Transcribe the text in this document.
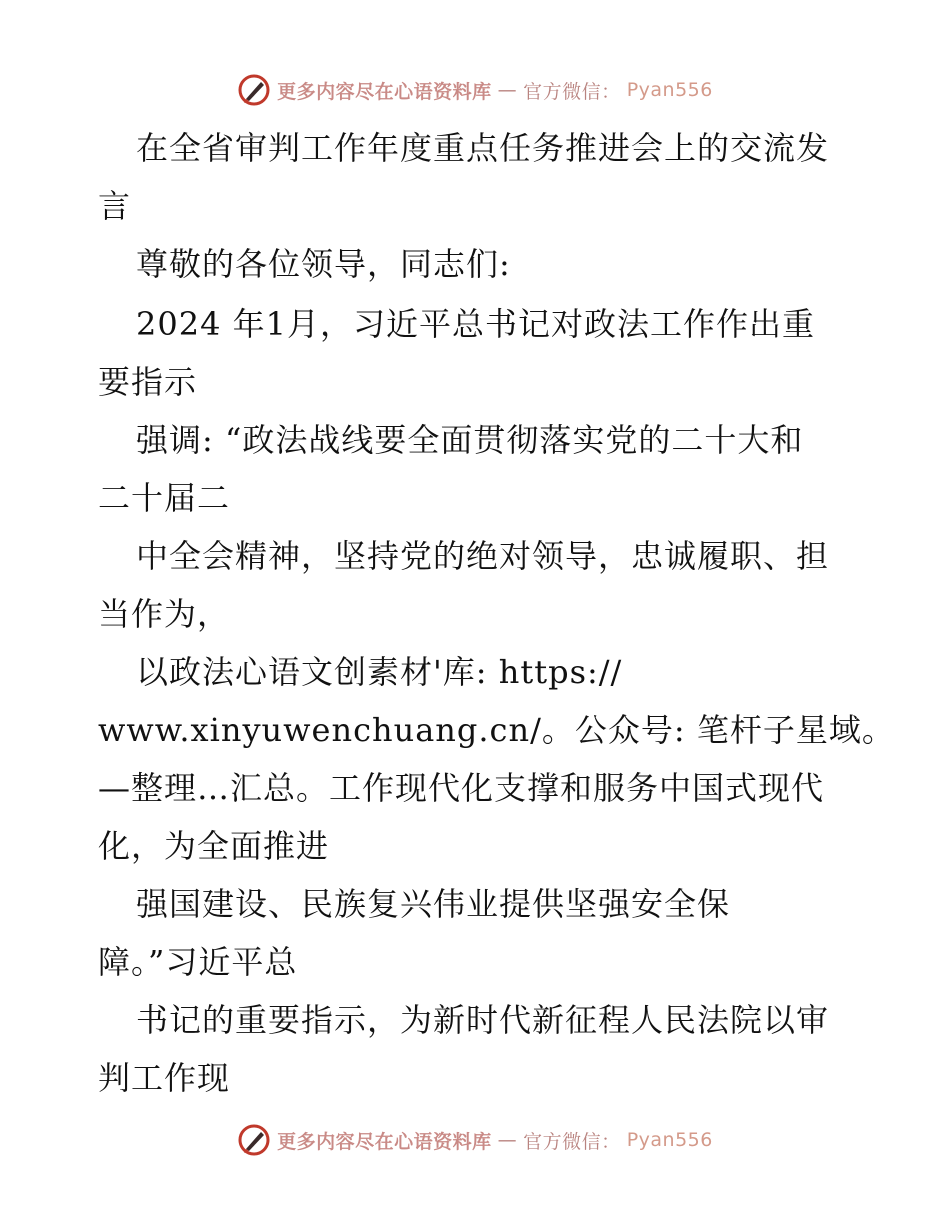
更多内容尽在心语资料库 — 官方微信： Pyan556
在全省审判工作年度重点任务推进会上的交流发
言
尊敬的各位领导，同志们:
2024 年1月，习近平总书记对政法工作作出重
要指示
强调: “政法战线要全面贯彻落实党的二十大和
二十届二
中全会精神，坚持党的绝对领导，忠诚履职、担
当作为，
以政法心语文创素材'库: https://
www.xinyuwenchuang.cn/。公众号: 笔杆子星域。
—整理…汇总。工作现代化支撑和服务中国式现代
化，为全面推进
强国建设、民族复兴伟业提供坚强安全保
障。”习近平总
书记的重要指示，为新时代新征程人民法院以审
判工作现
更多内容尽在心语资料库 — 官方微信： Pyan556
